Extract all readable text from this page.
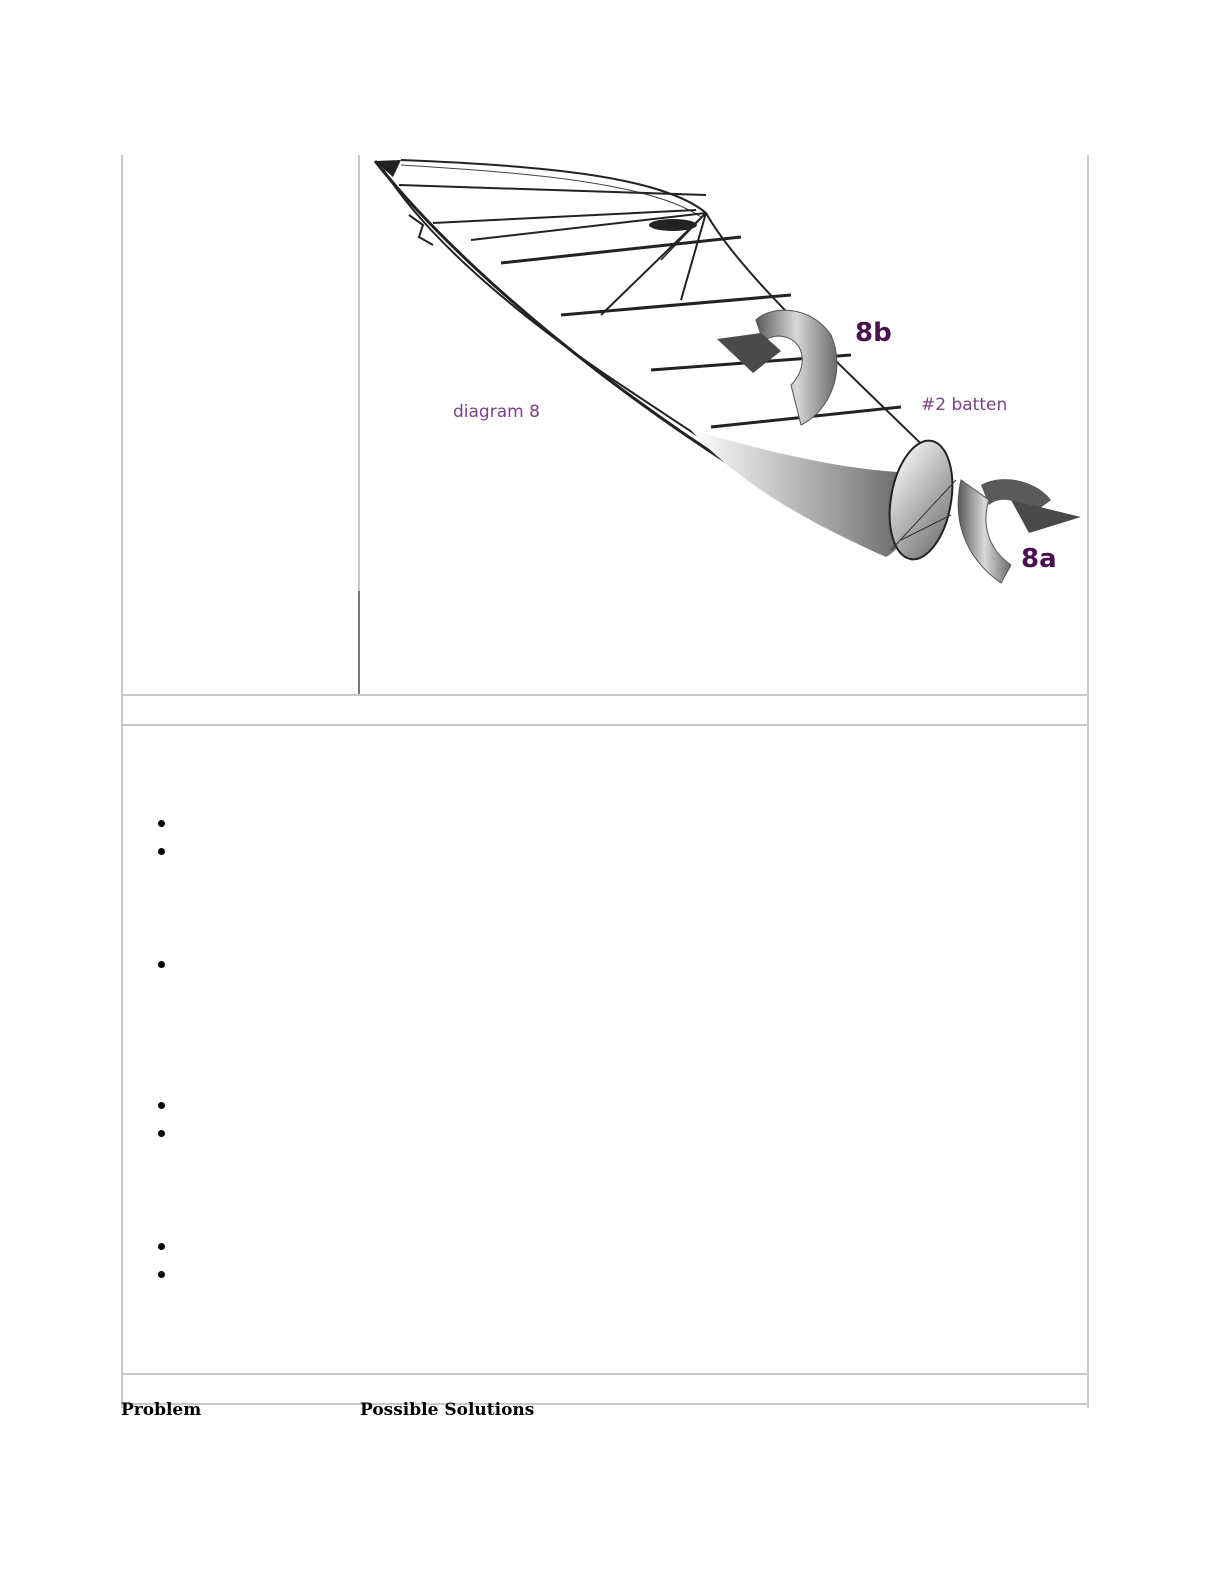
diagram 8	#2 batten
8b
8a
Problem	Possible Solutions
